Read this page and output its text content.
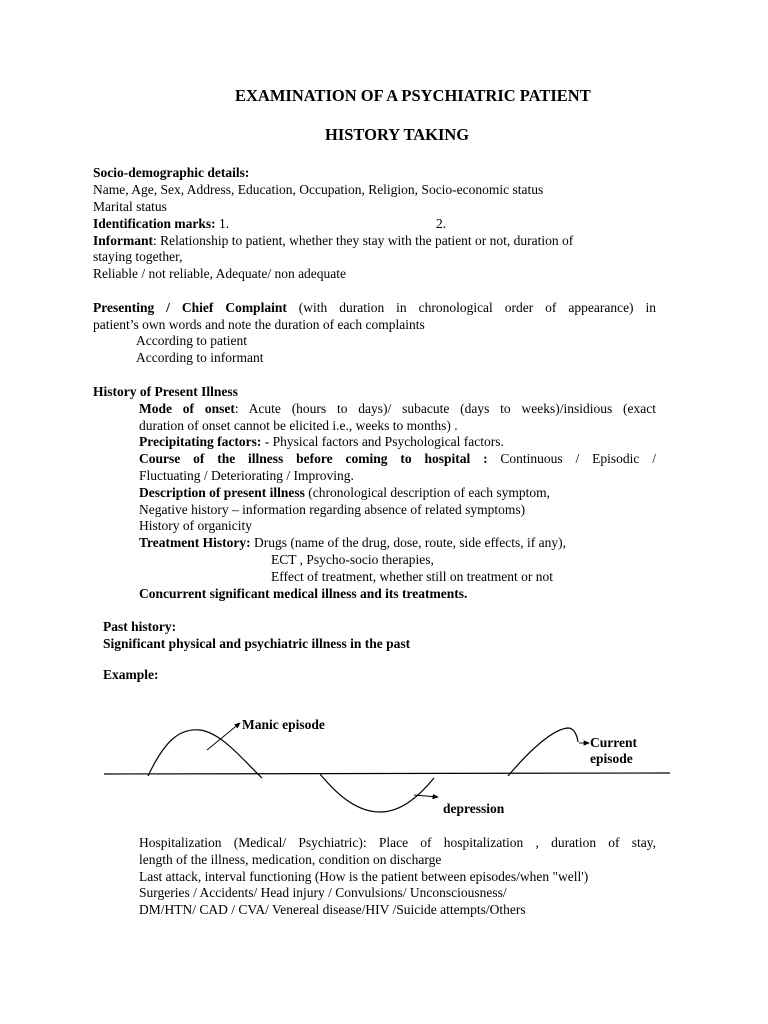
EXAMINATION OF A PSYCHIATRIC PATIENT
HISTORY TAKING
Socio-demographic details:
Name, Age, Sex, Address, Education, Occupation, Religion, Socio-economic status
Marital status
Identification marks: 1.	2.
Informant: Relationship to patient, whether they stay with the patient or not, duration of
staying together,
Reliable / not reliable, Adequate/ non adequate
Presenting / Chief Complaint (with duration in chronological order of appearance) in
patient’s own words and note the duration of each complaints
According to patient
According to informant
History of Present Illness
Mode of onset: Acute (hours to days)/ subacute (days to weeks)/insidious (exact
duration of onset cannot be elicited i.e., weeks to months) .
Precipitating factors: - Physical factors and Psychological factors.
Course of the illness before coming to hospital : Continuous / Episodic /
Fluctuating / Deteriorating / Improving.
Description of present illness (chronological description of each symptom,
Negative history – information regarding absence of related symptoms)
History of organicity
Treatment History: Drugs (name of the drug, dose, route, side effects, if any),
ECT , Psycho-socio therapies,
Effect of treatment, whether still on treatment or not
Concurrent significant medical illness and its treatments.
Past history:
Significant physical and psychiatric illness in the past
Example:
Manic episode
Current
episode
depression
Hospitalization (Medical/ Psychiatric): Place of hospitalization , duration of stay,
length of the illness, medication, condition on discharge
Last attack, interval functioning (How is the patient between episodes/when "well')
Surgeries / Accidents/ Head injury / Convulsions/ Unconsciousness/
DM/HTN/ CAD / CVA/ Venereal disease/HIV /Suicide attempts/Others
